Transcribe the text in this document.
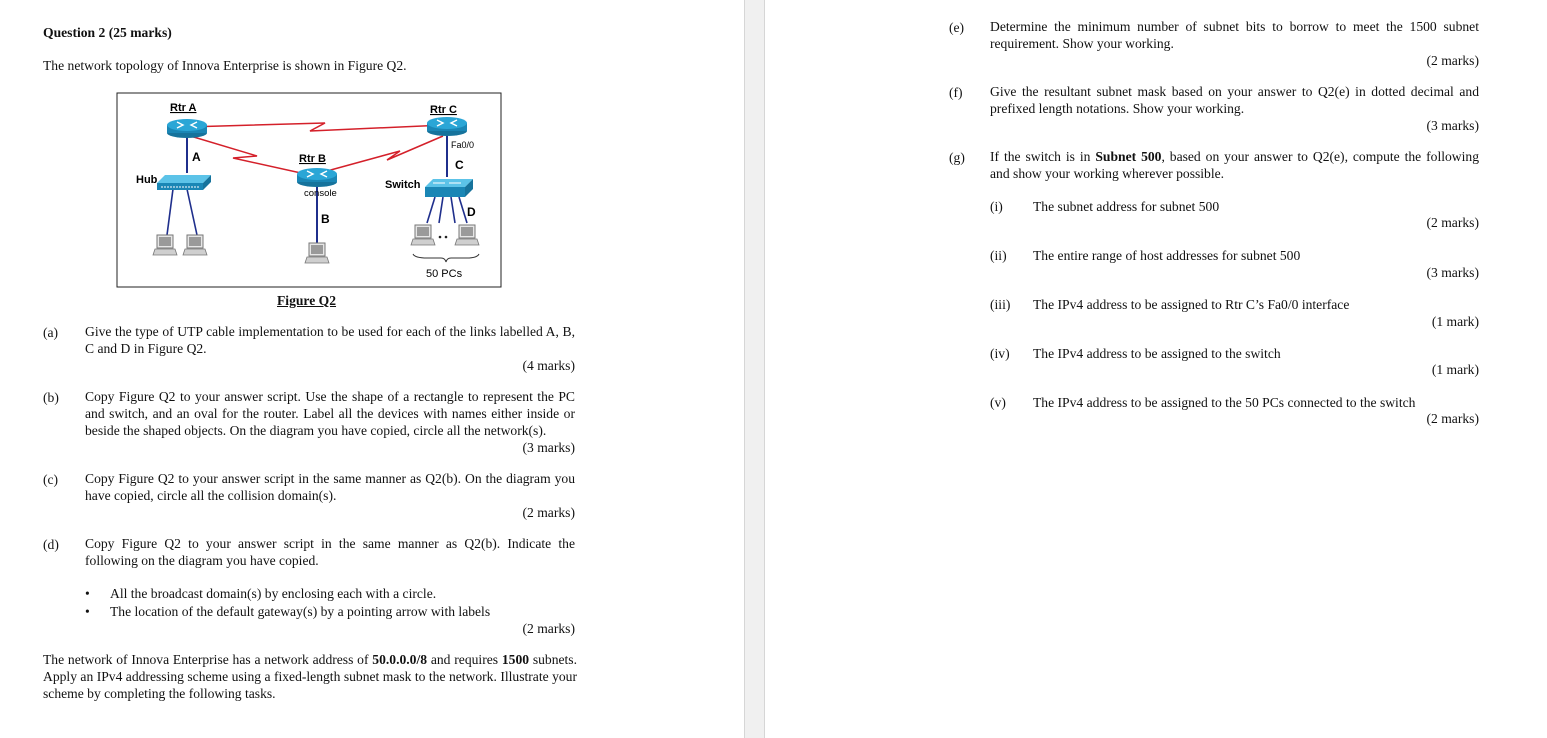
Question 2 (25 marks)
The network topology of Innova Enterprise is shown in Figure Q2.
Rtr A	Rtr C
Rtr B
Hub	Switch
A
C
B	D
console
Fa0/0
50 PCs
Figure Q2
(a) Give the type of UTP cable implementation to be used for each of the links labelled A, B, C and D in Figure Q2.
(4 marks)
(b) Copy Figure Q2 to your answer script. Use the shape of a rectangle to represent the PC and switch, and an oval for the router. Label all the devices with names either inside or beside the shaped objects. On the diagram you have copied, circle all the network(s).
(3 marks)
(c) Copy Figure Q2 to your answer script in the same manner as Q2(b). On the diagram you have copied, circle all the collision domain(s).
(2 marks)
(d) Copy Figure Q2 to your answer script in the same manner as Q2(b). Indicate the following on the diagram you have copied.
• All the broadcast domain(s) by enclosing each with a circle.
• The location of the default gateway(s) by a pointing arrow with labels
(2 marks)
The network of Innova Enterprise has a network address of 50.0.0.0/8 and requires 1500 subnets. Apply an IPv4 addressing scheme using a fixed-length subnet mask to the network. Illustrate your scheme by completing the following tasks.
(e) Determine the minimum number of subnet bits to borrow to meet the 1500 subnet requirement. Show your working.
(2 marks)
(f) Give the resultant subnet mask based on your answer to Q2(e) in dotted decimal and prefixed length notations. Show your working.
(3 marks)
(g) If the switch is in Subnet 500, based on your answer to Q2(e), compute the following and show your working wherever possible.
(i) The subnet address for subnet 500
(2 marks)
(ii) The entire range of host addresses for subnet 500
(3 marks)
(iii) The IPv4 address to be assigned to Rtr C’s Fa0/0 interface
(1 mark)
(iv) The IPv4 address to be assigned to the switch
(1 mark)
(v) The IPv4 address to be assigned to the 50 PCs connected to the switch
(2 marks)
